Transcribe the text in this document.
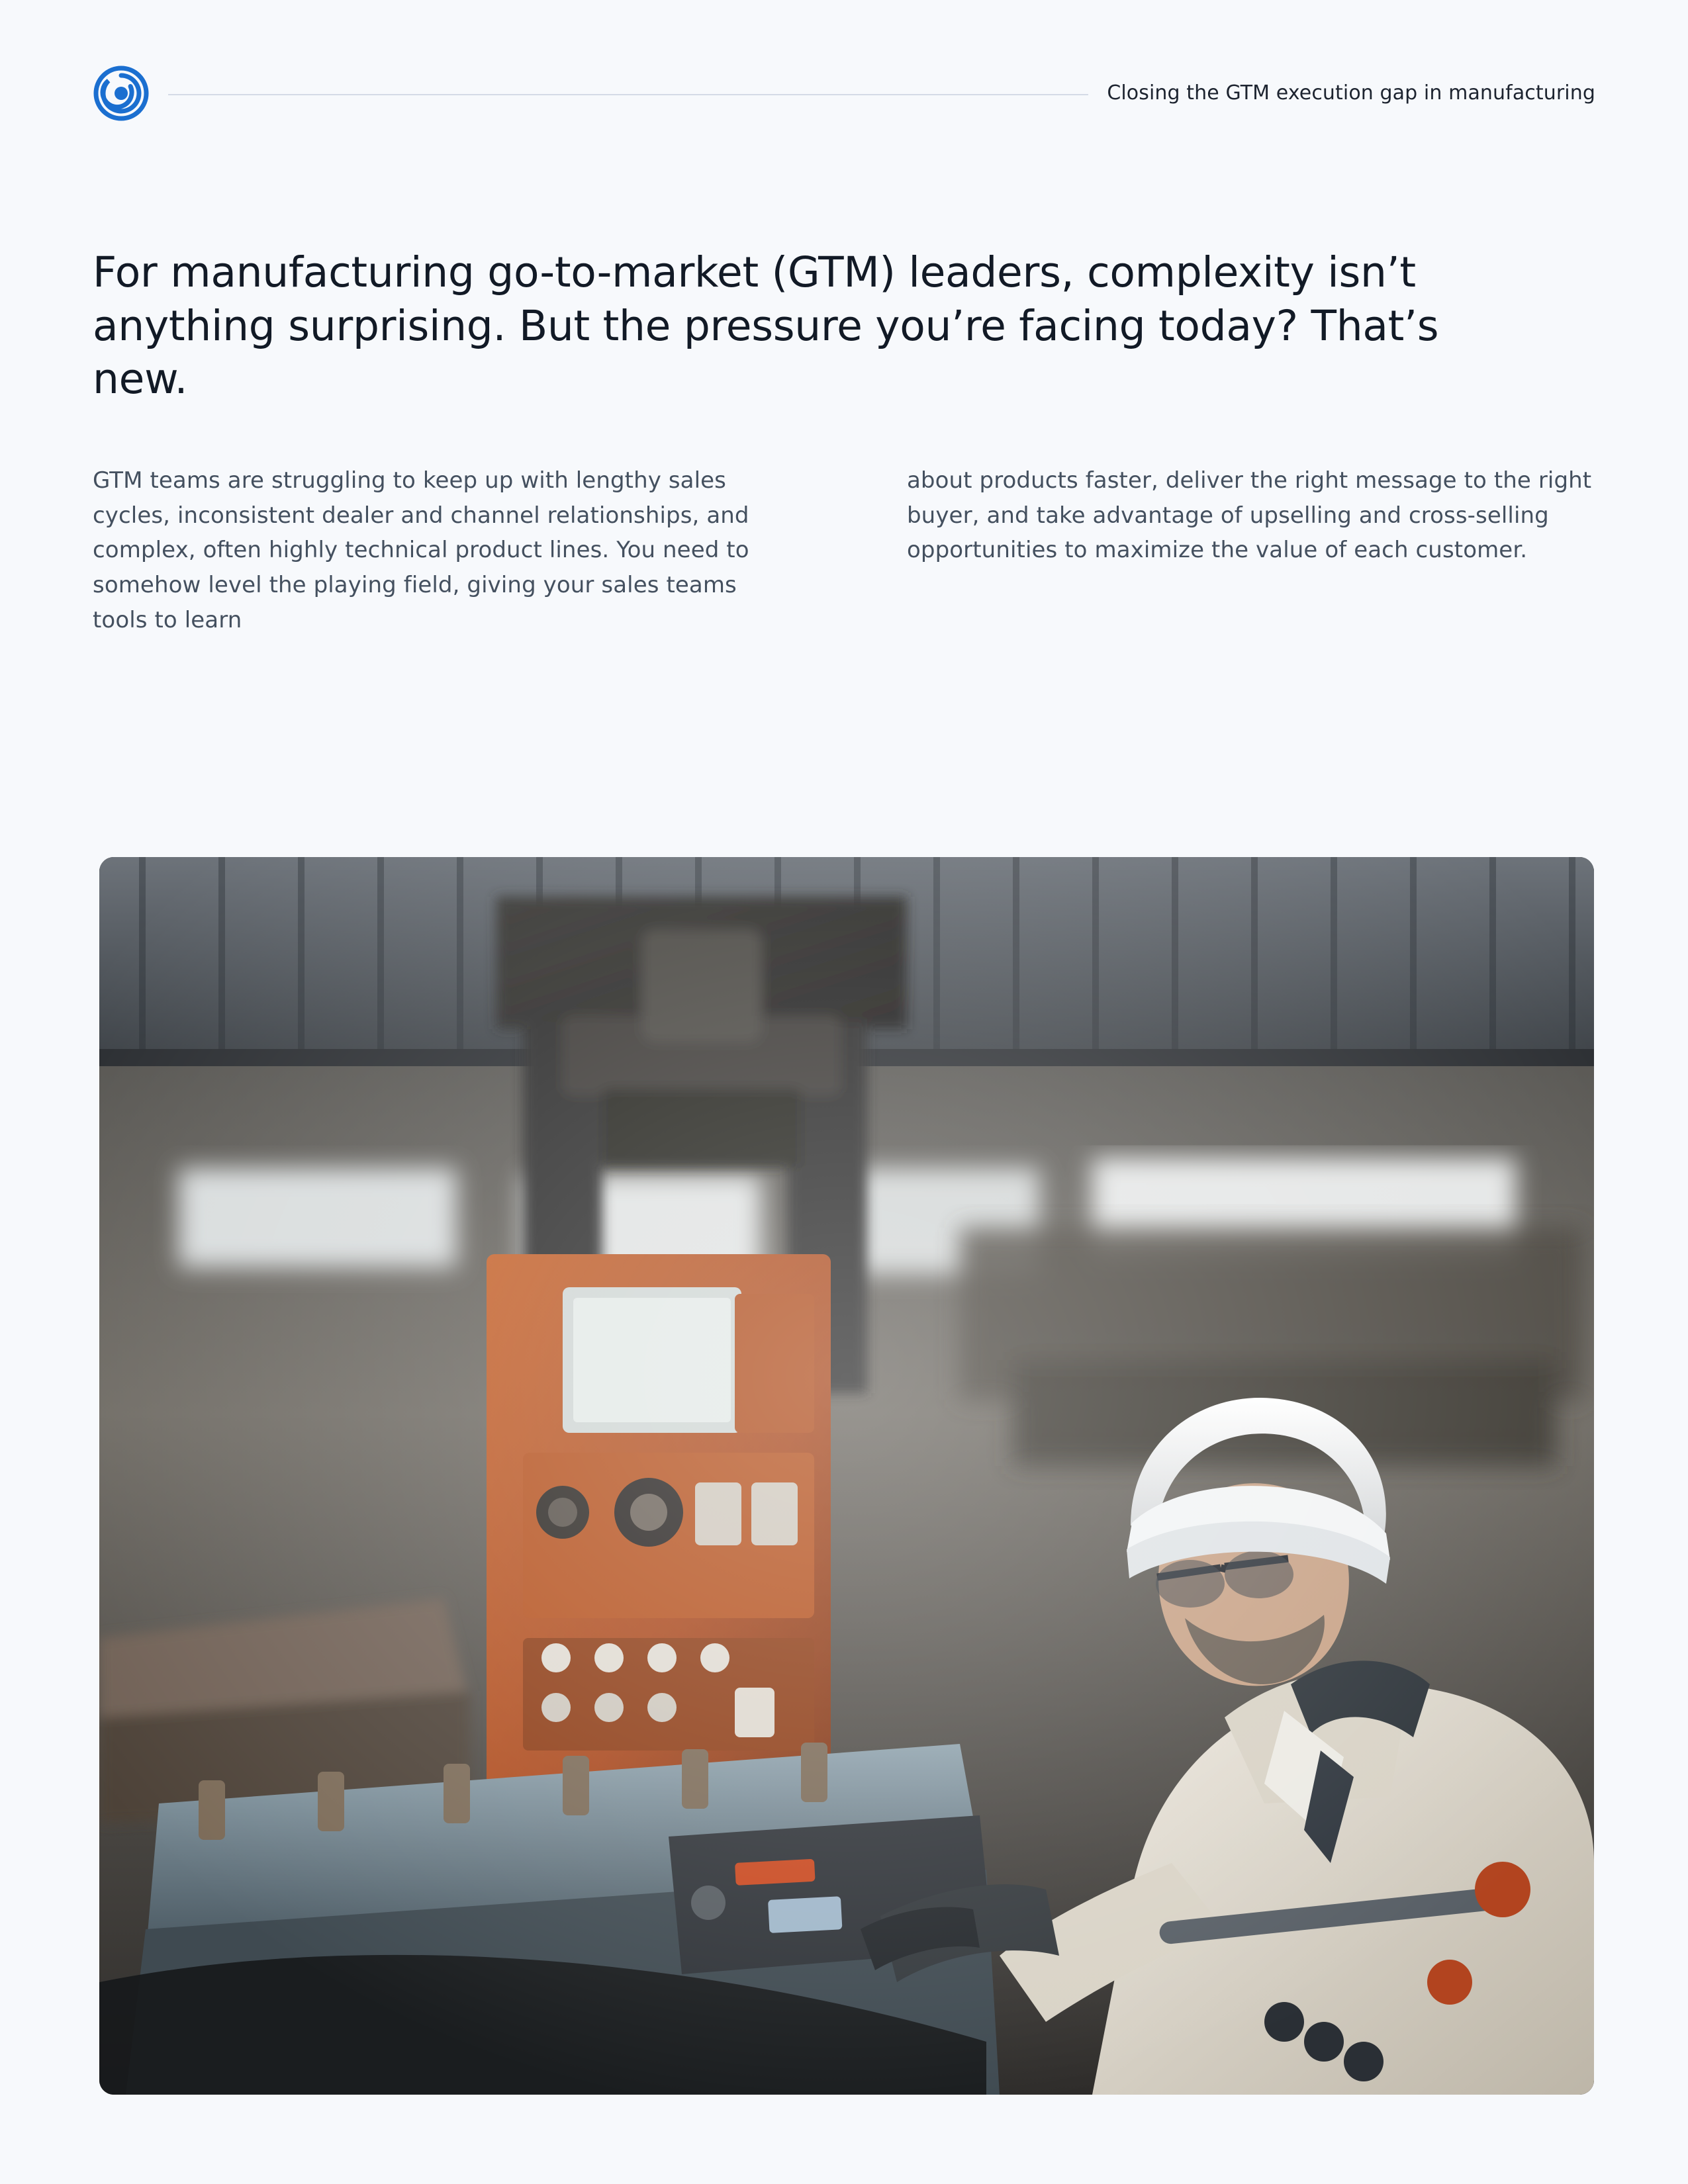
Closing the GTM execution gap in manufacturing
For manufacturing go-to-market (GTM) leaders, complexity isn’t anything surprising. But the pressure you’re facing today? That’s new.

GTM teams are struggling to keep up with lengthy sales cycles, inconsistent dealer and channel relationships, and complex, often highly technical product lines. You need to somehow level the playing field, giving your sales teams tools to learn

about products faster, deliver the right message to the right buyer, and take advantage of upselling and cross-selling opportunities to maximize the value of each customer.
